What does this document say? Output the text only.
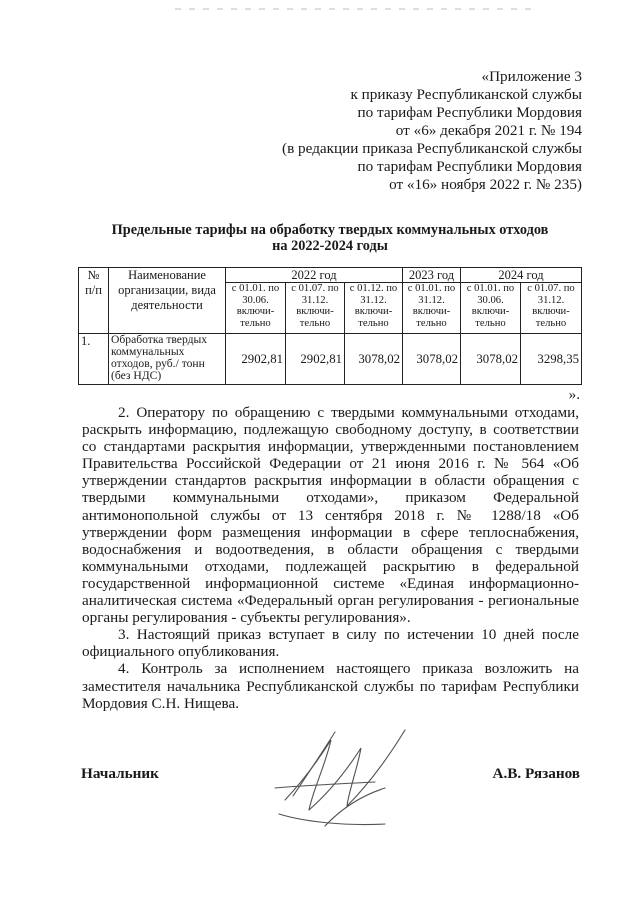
«Приложение 3
к приказу Республиканской службы
по тарифам Республики Мордовия
от «6» декабря 2021 г. № 194
(в редакции приказа Республиканской службы
по тарифам Республики Мордовия
от «16» ноября 2022 г. № 235)
Предельные тарифы на обработку твердых коммунальных отходов
на 2022-2024 годы
№ п/п	Наименование организации, вида деятельности	2022 год			2023 год	2024 год	
		с 01.01. по 30.06. включи-тельно	с 01.07. по 31.12. включи-тельно	с 01.12. по 31.12. включи-тельно	с 01.01. по 31.12. включи-тельно	с 01.01. по 30.06. включи-тельно	с 01.07. по 31.12. включи-тельно
1.	Обработка твердых коммунальных отходов, руб./ тонн (без НДС)	2902,81	2902,81	3078,02	3078,02	3078,02	3298,35
».

2. Оператору по обращению с твердыми коммунальными отходами, раскрыть информацию, подлежащую свободному доступу, в соответствии со стандартами раскрытия информации, утвержденными постановлением Правительства Российской Федерации от 21 июня 2016 г. № 564 «Об утверждении стандартов раскрытия информации в области обращения с твердыми коммунальными отходами», приказом Федеральной антимонопольной службы от 13 сентября 2018 г. № 1288/18 «Об утверждении форм размещения информации в сфере теплоснабжения, водоснабжения и водоотведения, в области обращения с твердыми коммунальными отходами, подлежащей раскрытию в федеральной государственной информационной системе «Единая информационно-аналитическая система «Федеральный орган регулирования - региональные органы регулирования - субъекты регулирования».

3. Настоящий приказ вступает в силу по истечении 10 дней после официального опубликования.

4. Контроль за исполнением настоящего приказа возложить на заместителя начальника Республиканской службы по тарифам Республики Мордовия С.Н. Нищева.

Начальник	А.В. Рязанов
